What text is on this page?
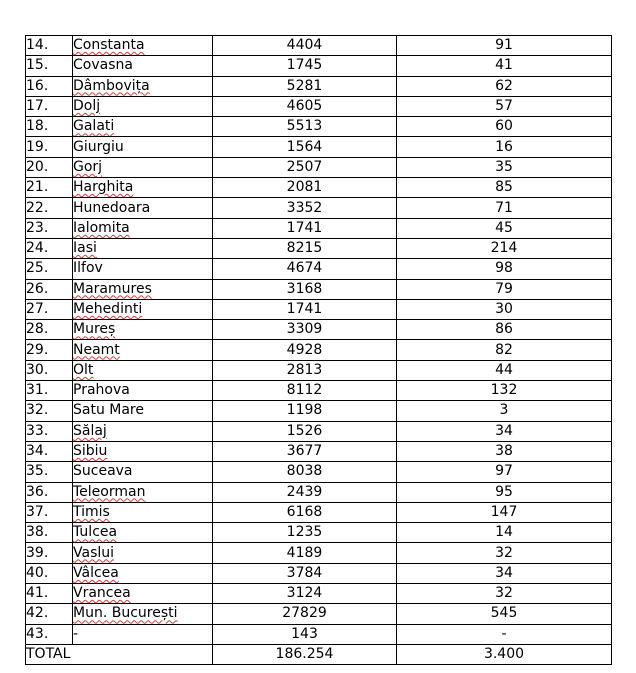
14.	Constanta	4404	91
15.	Covasna	1745	41
16.	Dâmbovița	5281	62
17.	Dolj	4605	57
18.	Galati	5513	60
19.	Giurgiu	1564	16
20.	Gorj	2507	35
21.	Harghita	2081	85
22.	Hunedoara	3352	71
23.	Ialomita	1741	45
24.	Iasi	8215	214
25.	Ilfov	4674	98
26.	Maramures	3168	79
27.	Mehedinti	1741	30
28.	Mureș	3309	86
29.	Neamt	4928	82
30.	Olt	2813	44
31.	Prahova	8112	132
32.	Satu Mare	1198	3
33.	Sălaj	1526	34
34.	Sibiu	3677	38
35.	Suceava	8038	97
36.	Teleorman	2439	95
37.	Timis	6168	147
38.	Tulcea	1235	14
39.	Vaslui	4189	32
40.	Vâlcea	3784	34
41.	Vrancea	3124	32
42.	Mun. București	27829	545
43.	-	143	-
TOTAL		186.254	3.400
